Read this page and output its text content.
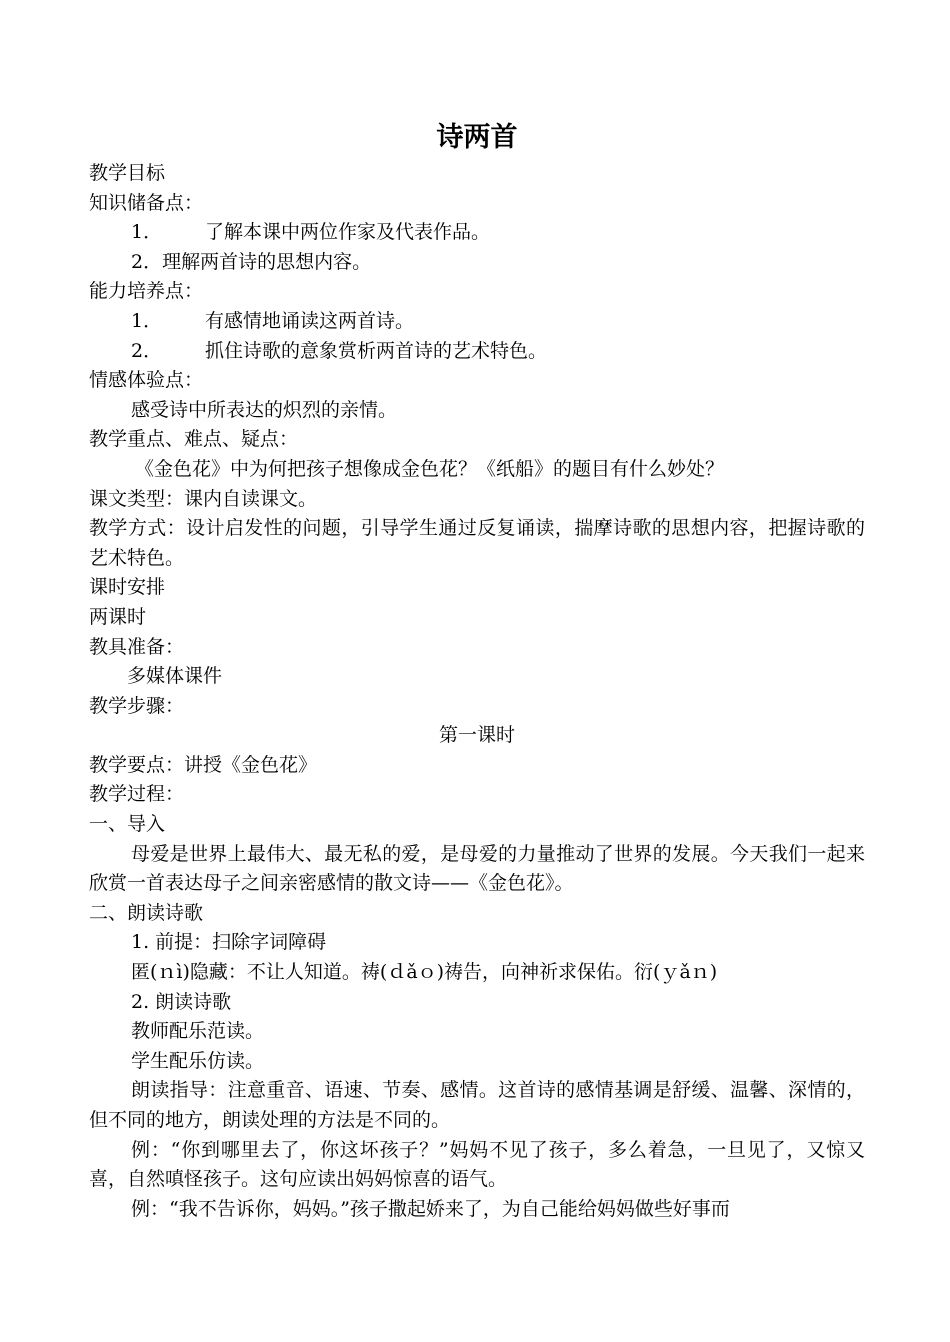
诗两首

教学目标

知识储备点：

1． 了解本课中两位作家及代表作品。

2．理解两首诗的思想内容。

能力培养点：

1． 有感情地诵读这两首诗。

2． 抓住诗歌的意象赏析两首诗的艺术特色。

情感体验点：

感受诗中所表达的炽烈的亲情。

教学重点、难点、疑点：

《金色花》中为何把孩子想像成金色花？《纸船》的题目有什么妙处？

课文类型：课内自读课文。

教学方式：设计启发性的问题，引导学生通过反复诵读，揣摩诗歌的思想内容，把握诗歌的艺术特色。

课时安排

两课时

教具准备：

多媒体课件

教学步骤：

第一课时

教学要点：讲授《金色花》

教学过程：

一、导入

母爱是世界上最伟大、最无私的爱，是母爱的力量推动了世界的发展。今天我们一起来欣赏一首表达母子之间亲密感情的散文诗——《金色花》。

二、朗读诗歌

1. 前提：扫除字词障碍

匿(ｎì)隐藏：不让人知道。祷(ｄǎｏ)祷告，向神祈求保佑。衍(ｙǎｎ)

2. 朗读诗歌

教师配乐范读。

学生配乐仿读。

朗读指导：注意重音、语速、节奏、感情。这首诗的感情基调是舒缓、温馨、深情的，但不同的地方，朗读处理的方法是不同的。

例：“你到哪里去了，你这坏孩子？”妈妈不见了孩子，多么着急，一旦见了，又惊又喜，自然嗔怪孩子。这句应读出妈妈惊喜的语气。

例：“我不告诉你，妈妈。”孩子撒起娇来了，为自己能给妈妈做些好事而
